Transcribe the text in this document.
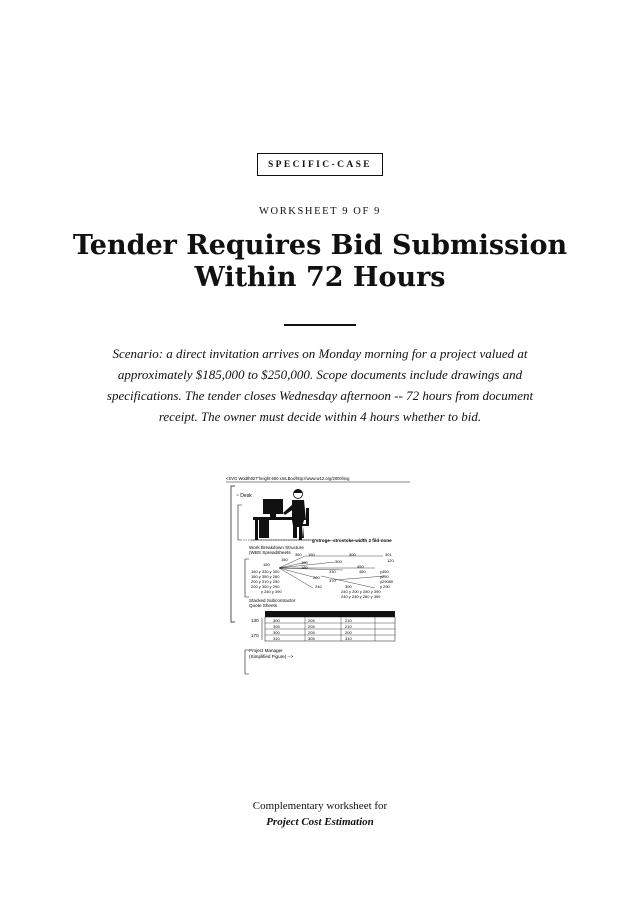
SPECIFIC-CASE
WORKSHEET 9 OF 9
Tender Requires Bid Submission
Within 72 Hours
Scenario: a direct invitation arrives on Monday morning for a project valued at approximately $185,000 to $250,000. Scope documents include drawings and specifications. The tender closes Wednesday afternoon -- 72 hours from document receipt. The owner must decide within 4 hours whether to bid.
<SVG Wodth927"height 600 xmLBox/http://www.w12.org/2000/svg
~ Desk
g'stroge--strostoke-width 2 fild-none
Work Breakdown Structure
(WBS Spreadsheets 360 150	300	301
150
160	300	120
150
180	450
330	450
160 y 330 y 300	y450
180 y 350 y 260	y250
200 y 310 y 250
200
370	y29080
200 y 300 y 290	240	390	y 290
y 240 y 390	240 y 200 y 280 y 390
240 y 240 y 260 y 390
Stacked Subcontractor
Quote Sheets
300	205	210
305	205	210
300	205	200
310	305	310
130
170
Project Manager
(Simplified Figure) -->
Complementary worksheet for
Project Cost Estimation
